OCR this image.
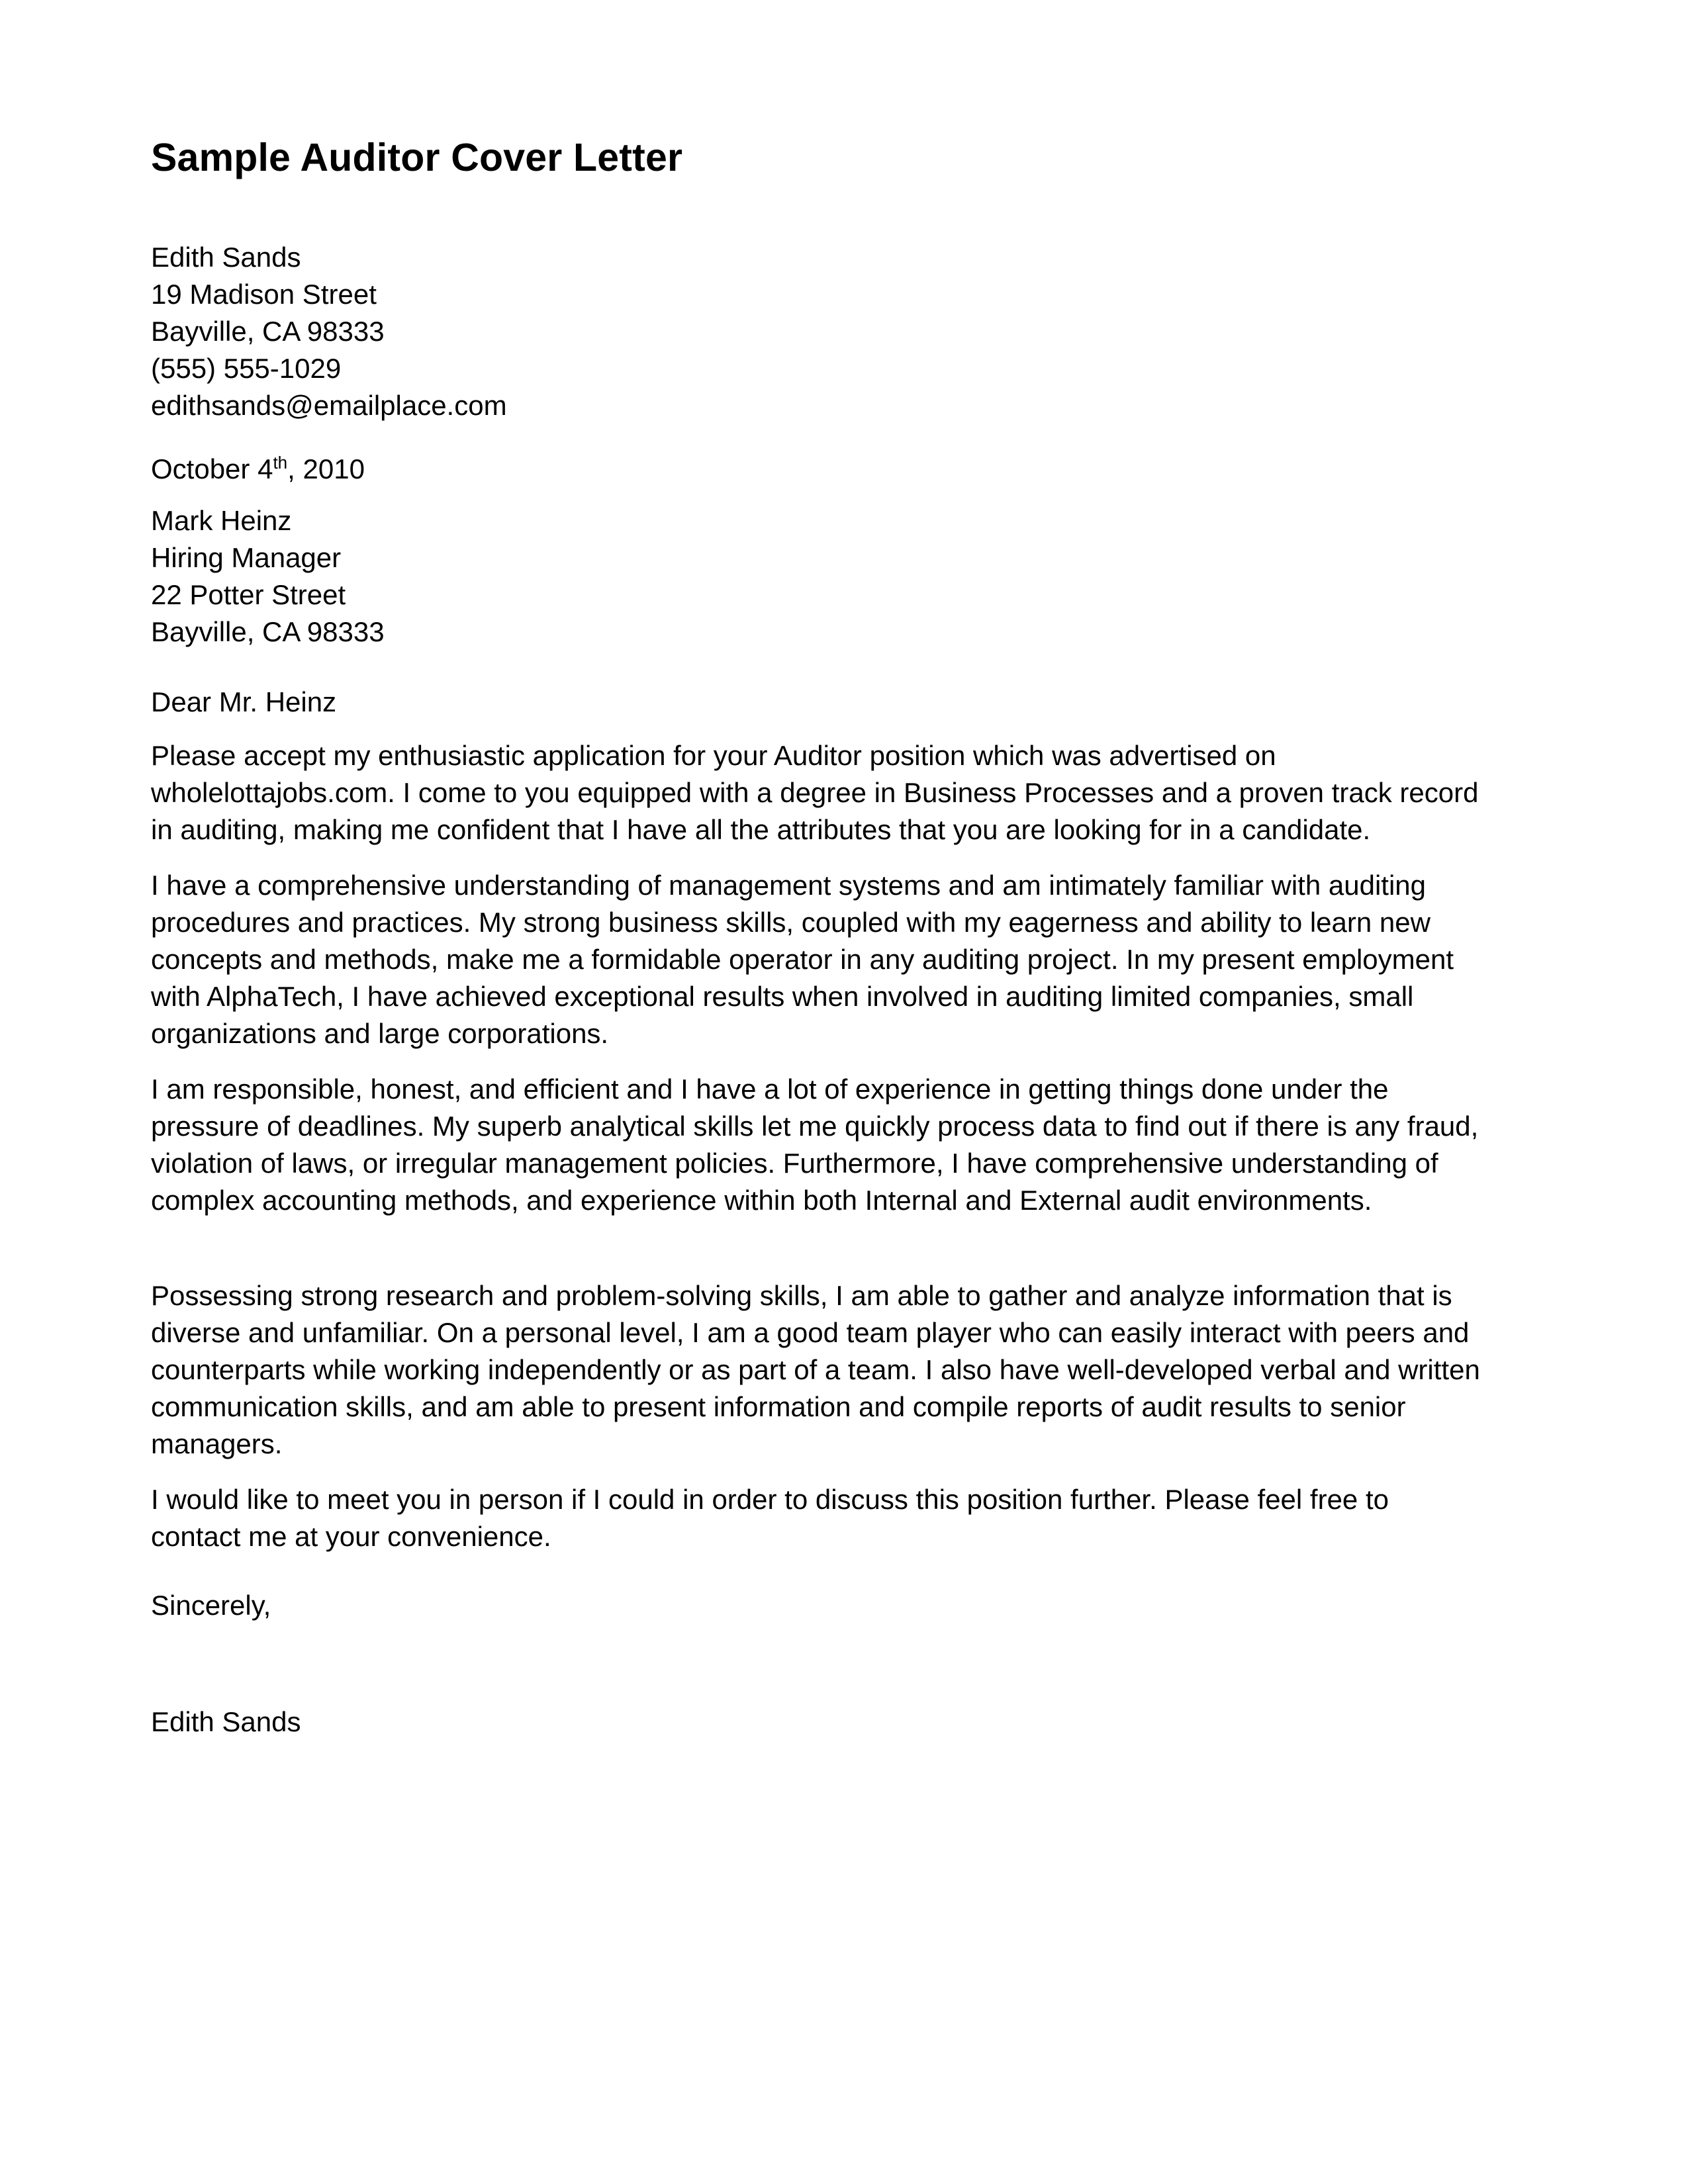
Sample Auditor Cover Letter
Edith Sands
19 Madison Street
Bayville, CA 98333
(555) 555-1029
edithsands@emailplace.com
October 4th, 2010
Mark Heinz
Hiring Manager
22 Potter Street
Bayville, CA 98333
Dear Mr. Heinz

Please accept my enthusiastic application for your Auditor position which was advertised on
wholelottajobs.com. I come to you equipped with a degree in Business Processes and a proven track record
in auditing, making me confident that I have all the attributes that you are looking for in a candidate.

I have a comprehensive understanding of management systems and am intimately familiar with auditing
procedures and practices. My strong business skills, coupled with my eagerness and ability to learn new
concepts and methods, make me a formidable operator in any auditing project. In my present employment
with AlphaTech, I have achieved exceptional results when involved in auditing limited companies, small
organizations and large corporations.

I am responsible, honest, and efficient and I have a lot of experience in getting things done under the
pressure of deadlines. My superb analytical skills let me quickly process data to find out if there is any fraud,
violation of laws, or irregular management policies. Furthermore, I have comprehensive understanding of
complex accounting methods, and experience within both Internal and External audit environments.

Possessing strong research and problem-solving skills, I am able to gather and analyze information that is
diverse and unfamiliar. On a personal level, I am a good team player who can easily interact with peers and
counterparts while working independently or as part of a team. I also have well-developed verbal and written
communication skills, and am able to present information and compile reports of audit results to senior
managers.

I would like to meet you in person if I could in order to discuss this position further. Please feel free to
contact me at your convenience.

Sincerely,
Edith Sands
